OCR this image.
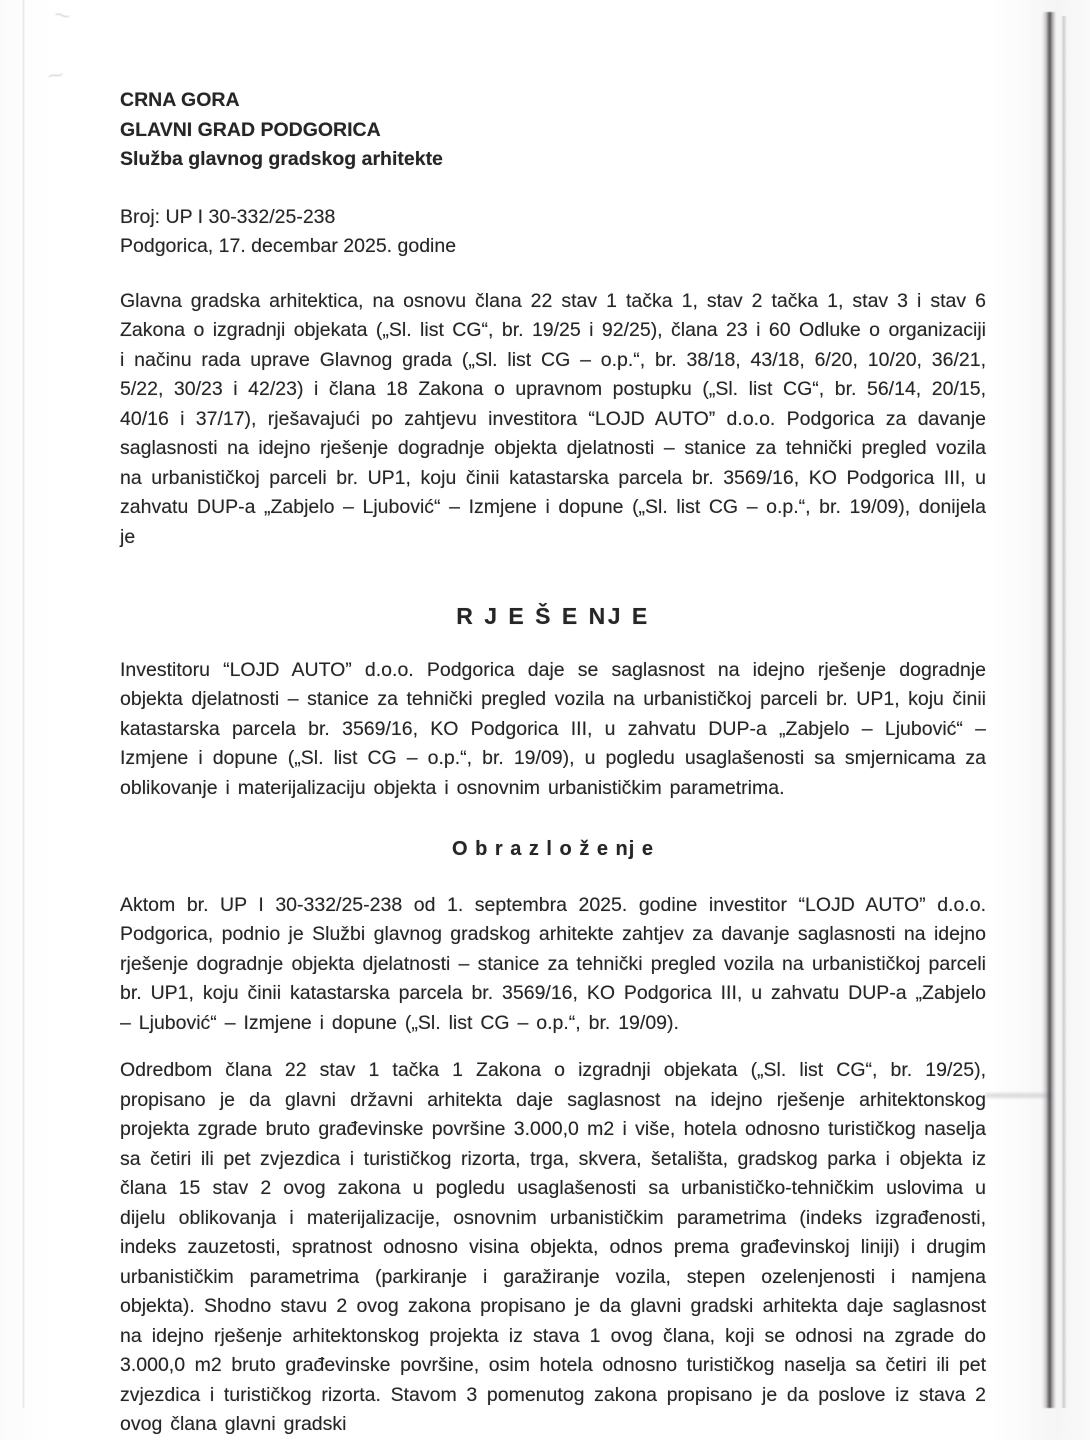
⁓
⁓
CRNA GORA
GLAVNI GRAD PODGORICA
Služba glavnog gradskog arhitekte
Broj: UP I 30-332/25-238
Podgorica, 17. decembar 2025. godine

Glavna gradska arhitektica, na osnovu člana 22 stav 1 tačka 1, stav 2 tačka 1, stav 3 i stav 6 Zakona o izgradnji objekata („Sl. list CG“, br. 19/25 i 92/25), člana 23 i 60 Odluke o organizaciji i načinu rada uprave Glavnog grada („Sl. list CG – o.p.“, br. 38/18, 43/18, 6/20, 10/20, 36/21, 5/22, 30/23 i 42/23) i člana 18 Zakona o upravnom postupku („Sl. list CG“, br. 56/14, 20/15, 40/16 i 37/17), rješavajući po zahtjevu investitora “LOJD AUTO” d.o.o. Podgorica za davanje saglasnosti na idejno rješenje dogradnje objekta djelatnosti – stanice za tehnički pregled vozila na urbanističkoj parceli br. UP1, koju činii katastarska parcela br. 3569/16, KO Podgorica III, u zahvatu DUP-a „Zabjelo – Ljubović“ – Izmjene i dopune („Sl. list CG – o.p.“, br. 19/09), donijela je

R J E Š E NJ E

Investitoru “LOJD AUTO” d.o.o. Podgorica daje se saglasnost na idejno rješenje dogradnje objekta djelatnosti – stanice za tehnički pregled vozila na urbanističkoj parceli br. UP1, koju činii katastarska parcela br. 3569/16, KO Podgorica III, u zahvatu DUP-a „Zabjelo – Ljubović“ – Izmjene i dopune („Sl. list CG – o.p.“, br. 19/09), u pogledu usaglašenosti sa smjernicama za oblikovanje i materijalizaciju objekta i osnovnim urbanističkim parametrima.

O b r a z l o ž e nj e

Aktom br. UP I 30-332/25-238 od 1. septembra 2025. godine investitor “LOJD AUTO” d.o.o. Podgorica, podnio je Službi glavnog gradskog arhitekte zahtjev za davanje saglasnosti na idejno rješenje dogradnje objekta djelatnosti – stanice za tehnički pregled vozila na urbanističkoj parceli br. UP1, koju činii katastarska parcela br. 3569/16, KO Podgorica III, u zahvatu DUP-a „Zabjelo – Ljubović“ – Izmjene i dopune („Sl. list CG – o.p.“, br. 19/09).

Odredbom člana 22 stav 1 tačka 1 Zakona o izgradnji objekata („Sl. list CG“, br. 19/25), propisano je da glavni državni arhitekta daje saglasnost na idejno rješenje arhitektonskog projekta zgrade bruto građevinske površine 3.000,0 m2 i više, hotela odnosno turističkog naselja sa četiri ili pet zvjezdica i turističkog rizorta, trga, skvera, šetališta, gradskog parka i objekta iz člana 15 stav 2 ovog zakona u pogledu usaglašenosti sa urbanističko-tehničkim uslovima u dijelu oblikovanja i materijalizacije, osnovnim urbanističkim parametrima (indeks izgrađenosti, indeks zauzetosti, spratnost odnosno visina objekta, odnos prema građevinskoj liniji) i drugim urbanističkim parametrima (parkiranje i garažiranje vozila, stepen ozelenjenosti i namjena objekta). Shodno stavu 2 ovog zakona propisano je da glavni gradski arhitekta daje saglasnost na idejno rješenje arhitektonskog projekta iz stava 1 ovog člana, koji se odnosi na zgrade do 3.000,0 m2 bruto građevinske površine, osim hotela odnosno turističkog naselja sa četiri ili pet zvjezdica i turističkog rizorta. Stavom 3 pomenutog zakona propisano je da poslove iz stava 2 ovog člana glavni gradski
